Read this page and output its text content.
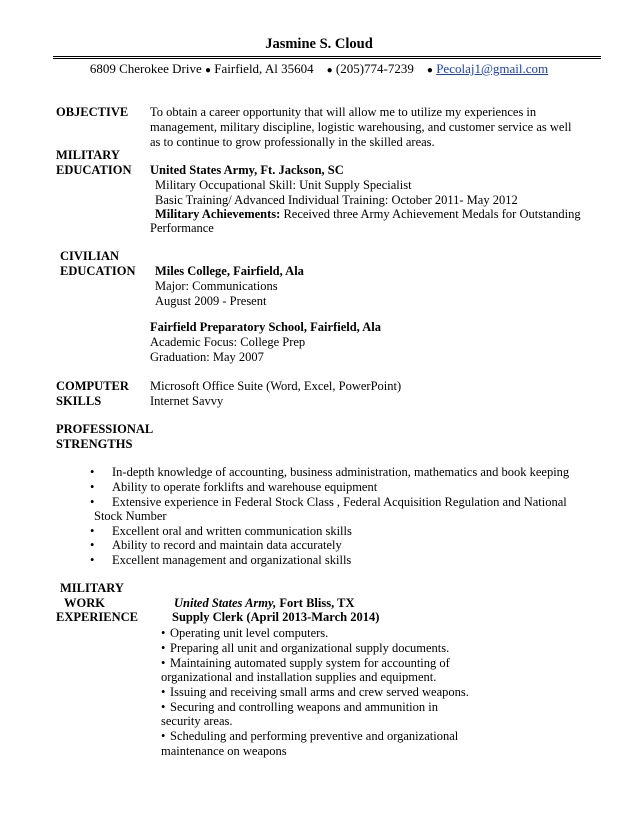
Jasmine S. Cloud
6809 Cherokee Drive ● Fairfield, Al 35604 ● (205)774-7239 ● Pecolaj1@gmail.com
OBJECTIVE To obtain a career opportunity that will allow me to utilize my experiences in
management, military discipline, logistic warehousing, and customer service as well
as to continue to grow professionally in the skilled areas.
MILITARY
EDUCATION United States Army, Ft. Jackson, SC
Military Occupational Skill: Unit Supply Specialist
Basic Training/ Advanced Individual Training: October 2011- May 2012
Military Achievements: Received three Army Achievement Medals for Outstanding
Performance
CIVILIAN
EDUCATION Miles College, Fairfield, Ala
Major: Communications
August 2009 - Present
Fairfield Preparatory School, Fairfield, Ala
Academic Focus: College Prep
Graduation: May 2007
COMPUTER
SKILLS
Microsoft Office Suite (Word, Excel, PowerPoint)
Internet Savvy
PROFESSIONAL
STRENGTHS
• In-depth knowledge of accounting, business administration, mathematics and book keeping
• Ability to operate forklifts and warehouse equipment
• Extensive experience in Federal Stock Class , Federal Acquisition Regulation and National
Stock Number
• Excellent oral and written communication skills
• Ability to record and maintain data accurately
• Excellent management and organizational skills
MILITARY
WORK
EXPERIENCE
United States Army, Fort Bliss, TX
Supply Clerk (April 2013-March 2014)
• Operating unit level computers.
• Preparing all unit and organizational supply documents.
• Maintaining automated supply system for accounting of
organizational and installation supplies and equipment.
• Issuing and receiving small arms and crew served weapons.
• Securing and controlling weapons and ammunition in
security areas.
• Scheduling and performing preventive and organizational
maintenance on weapons
